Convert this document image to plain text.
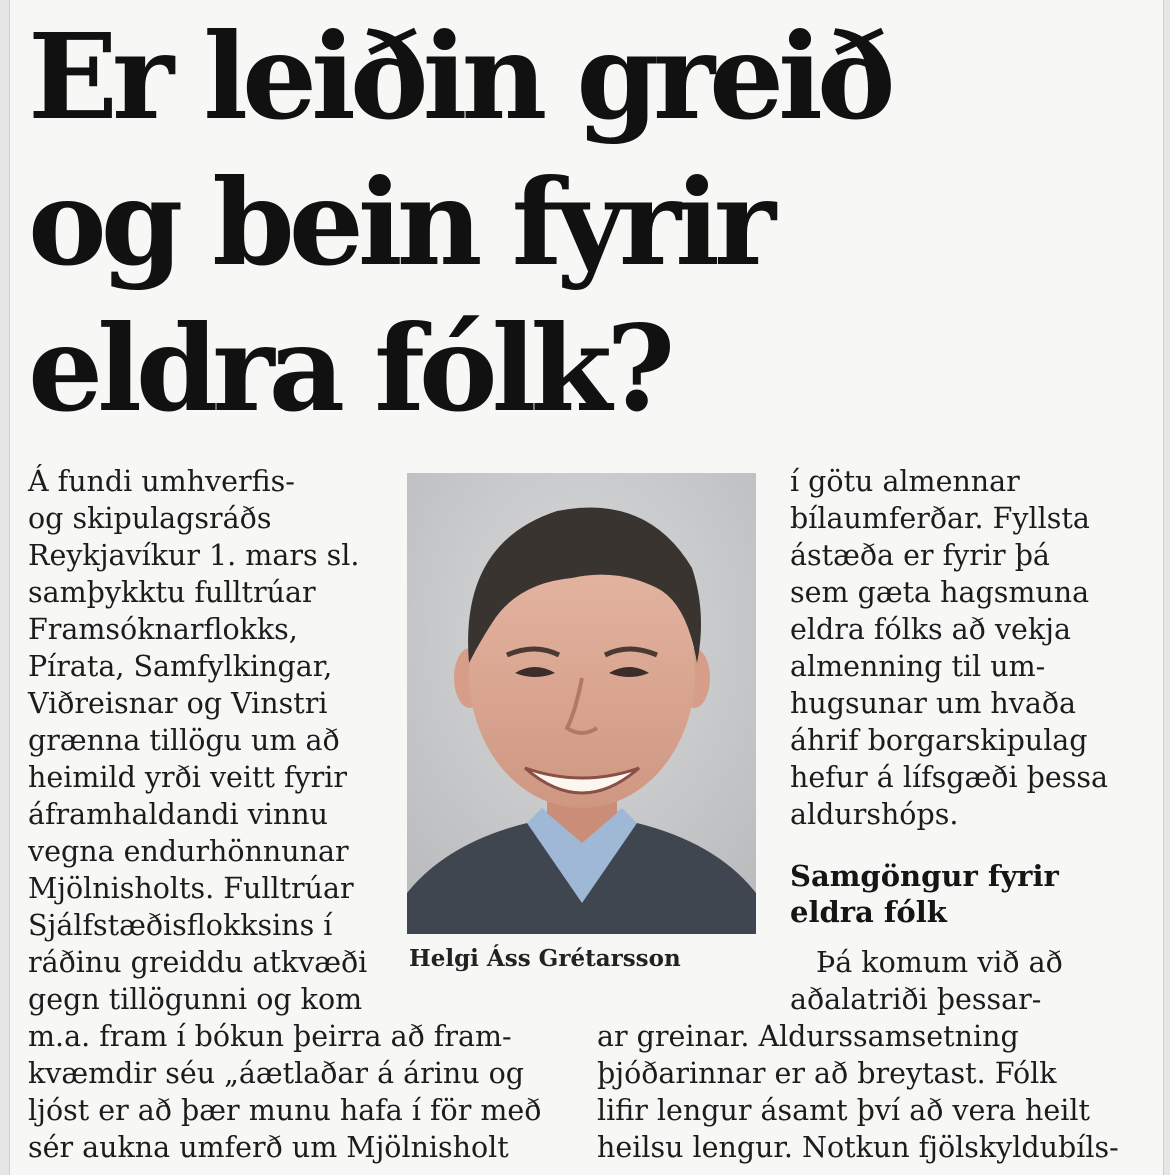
Er leiðin greið
og bein fyrir
eldra fólk?
Á fundi umhverfis-
og skipulagsráðs
Reykjavíkur 1. mars sl.
samþykktu fulltrúar
Framsóknarflokks,
Pírata, Samfylkingar,
Viðreisnar og Vinstri
grænna tillögu um að
heimild yrði veitt fyrir
áframhaldandi vinnu
vegna endurhönnunar
Mjölnisholts. Fulltrúar
Sjálfstæðisflokksins í
ráðinu greiddu atkvæði
gegn tillögunni og kom
m.a. fram í bókun þeirra að fram-
kvæmdir séu „áætlaðar á árinu og
ljóst er að þær munu hafa í för með
sér aukna umferð um Mjölnisholt

Helgi Áss Grétarsson

í götu almennar
bílaumferðar. Fyllsta
ástæða er fyrir þá
sem gæta hagsmuna
eldra fólks að vekja
almenning til um-
hugsunar um hvaða
áhrif borgarskipulag
hefur á lífsgæði þessa
aldurshóps.
Samgöngur fyrir
eldra fólk
Þá komum við að
aðalatriði þessar-
ar greinar. Aldurssamsetning
þjóðarinnar er að breytast. Fólk
lifir lengur ásamt því að vera heilt
heilsu lengur. Notkun fjölskyldubíls-
